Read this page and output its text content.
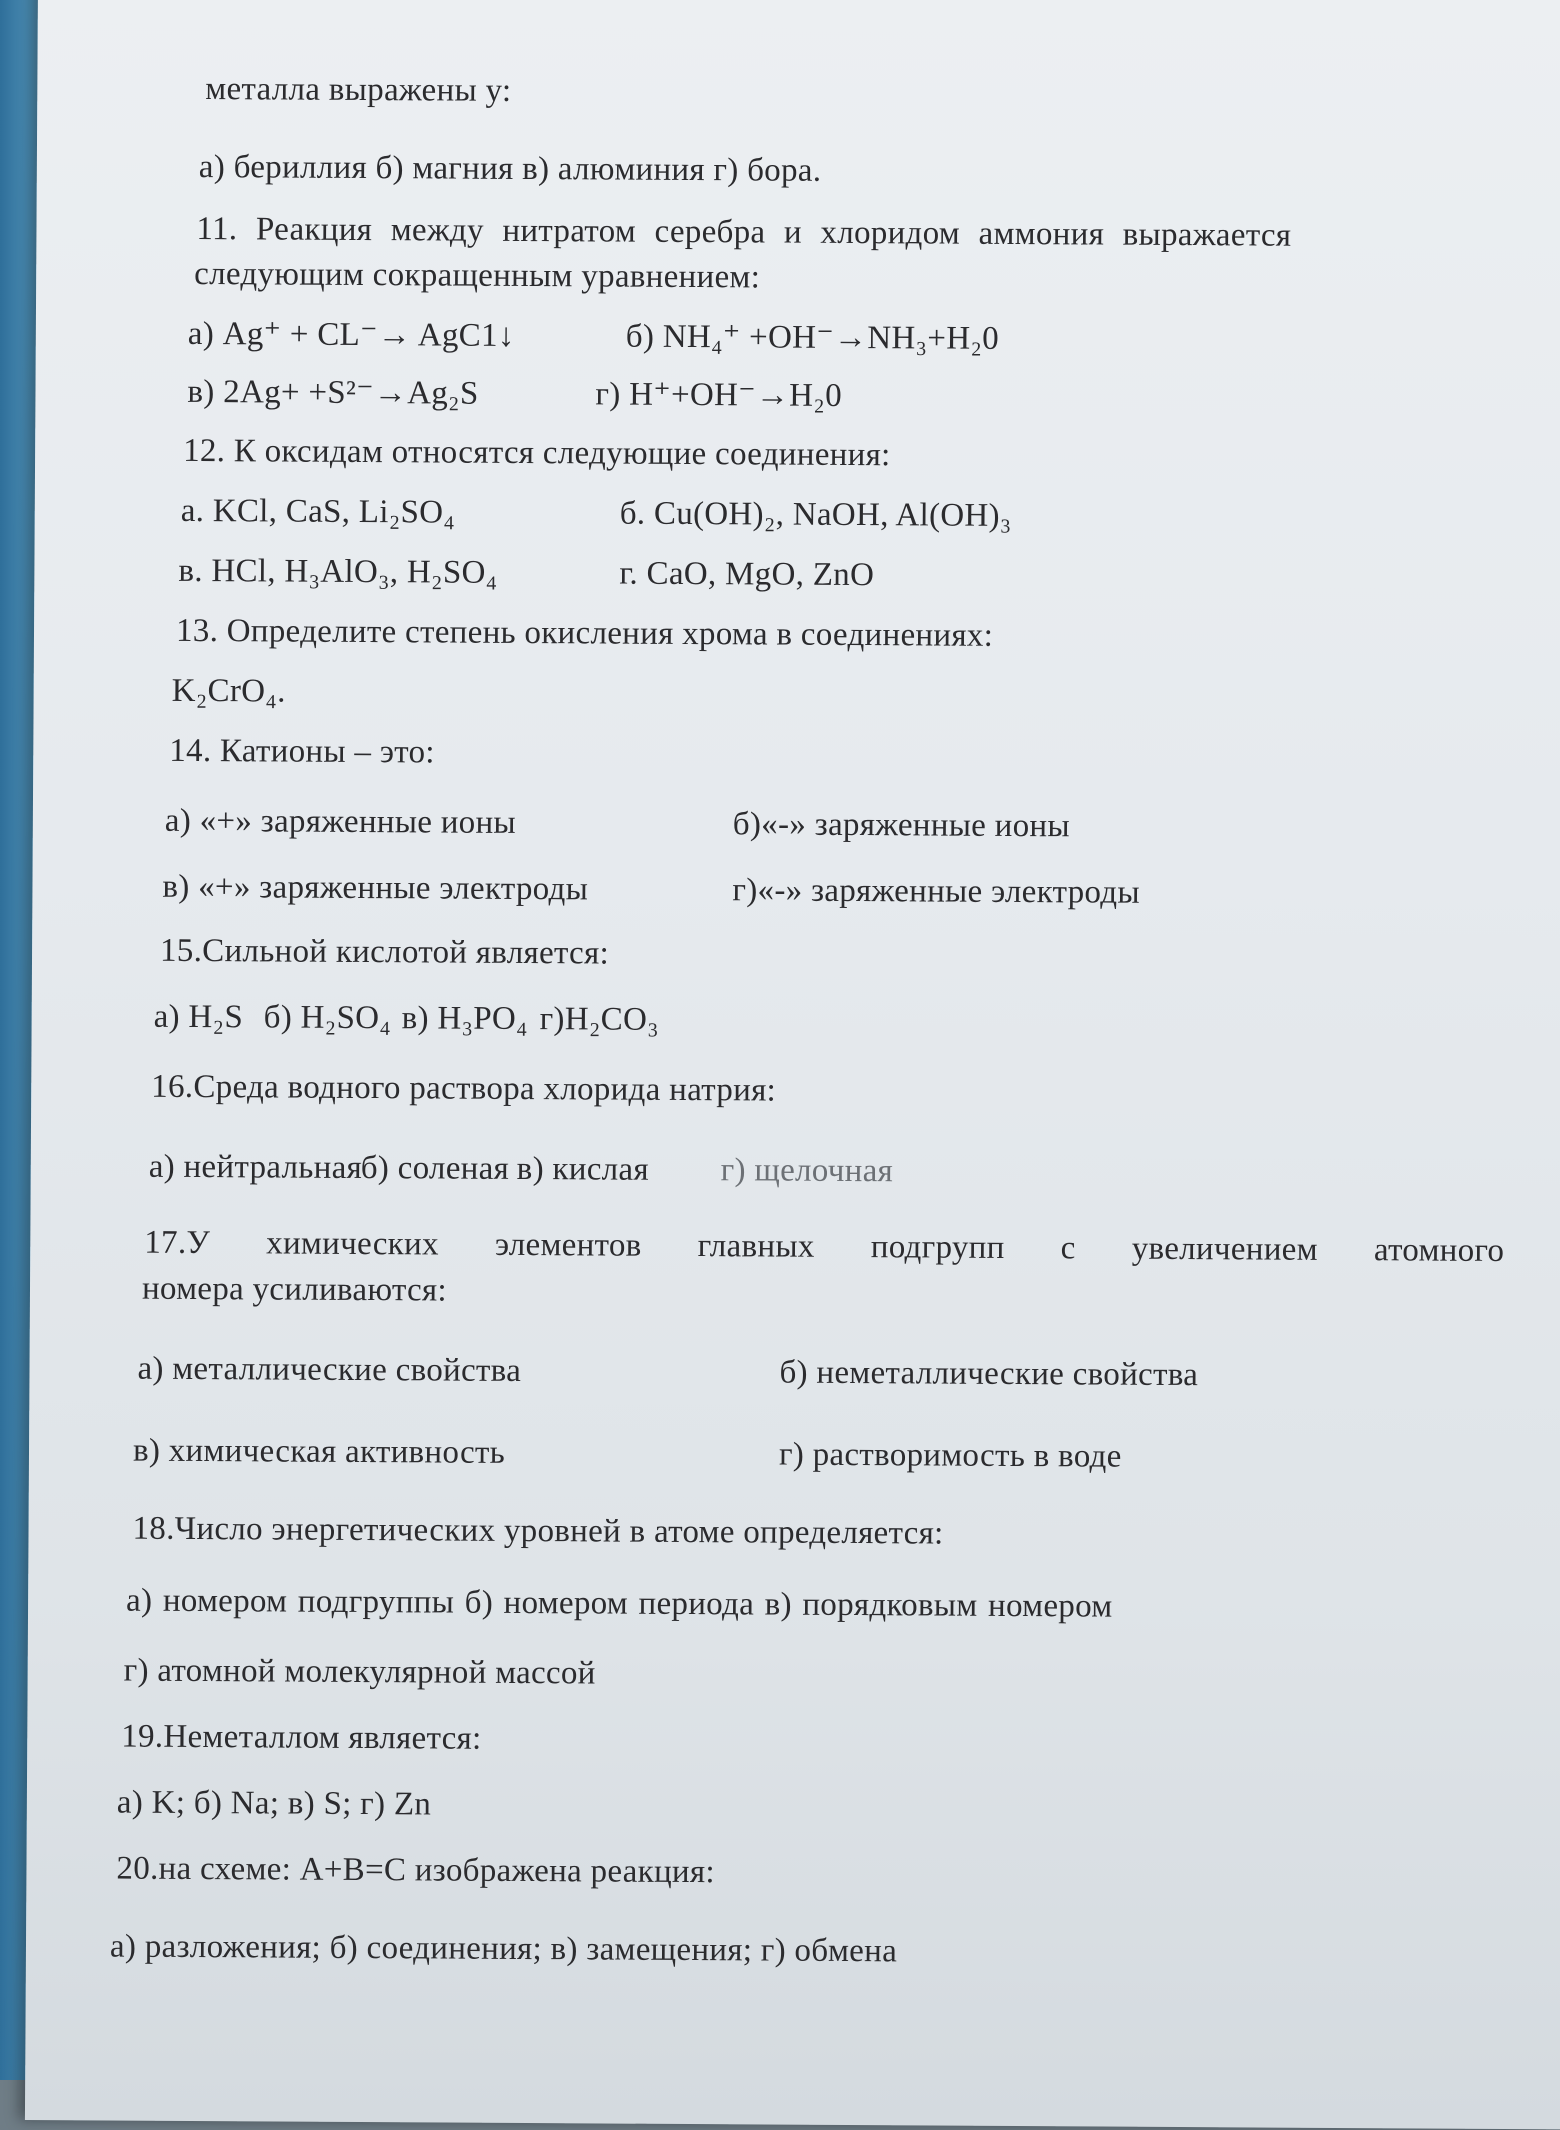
металла выражены у:
а) бериллия б) магния в) алюминия г) бора.
11. Реакция между нитратом серебра и хлоридом аммония выражается
следующим сокращенным уравнением:
а) Ag⁺ + CL⁻→ AgC1↓	б) NH₄⁺ +OH⁻→NH₃+H₂0
в) 2Ag+ +S²⁻→Ag₂S	г) H⁺+OH⁻→H₂0
12. К оксидам относятся следующие соединения:
а. KCl, CaS, Li₂SO₄	б. Cu(OH)₂, NaOH, Al(OH)₃
в. HCl, H₃AlO₃, H₂SO₄	г. CaO, MgO, ZnO
13. Определите степень окисления хрома в соединениях:
K₂CrO₄.
14. Катионы – это:
а) «+» заряженные ионы	б)«-» заряженные ионы
в) «+» заряженные электроды	г)«-» заряженные электроды
15.Сильной кислотой является:
а) H₂S б) H₂SO₄ в) H₃PO₄ г)H₂CO₃
16.Среда водного раствора хлорида натрия:
а) нейтральная
б) соленая в) кислая г) щелочная
17.У химических элементов главных подгрупп с увеличением атомного
номера усиливаются:
а) металлические свойства	б) неметаллические свойства
в) химическая активность	г) растворимость в воде
18.Число энергетических уровней в атоме определяется:
а) номером подгруппы б) номером периода в) порядковым номером
г) атомной молекулярной массой
19.Неметаллом является:
а) K; б) Na; в) S; г) Zn
20.на схеме: A+B=C изображена реакция:
а) разложения; б) соединения; в) замещения; г) обмена
